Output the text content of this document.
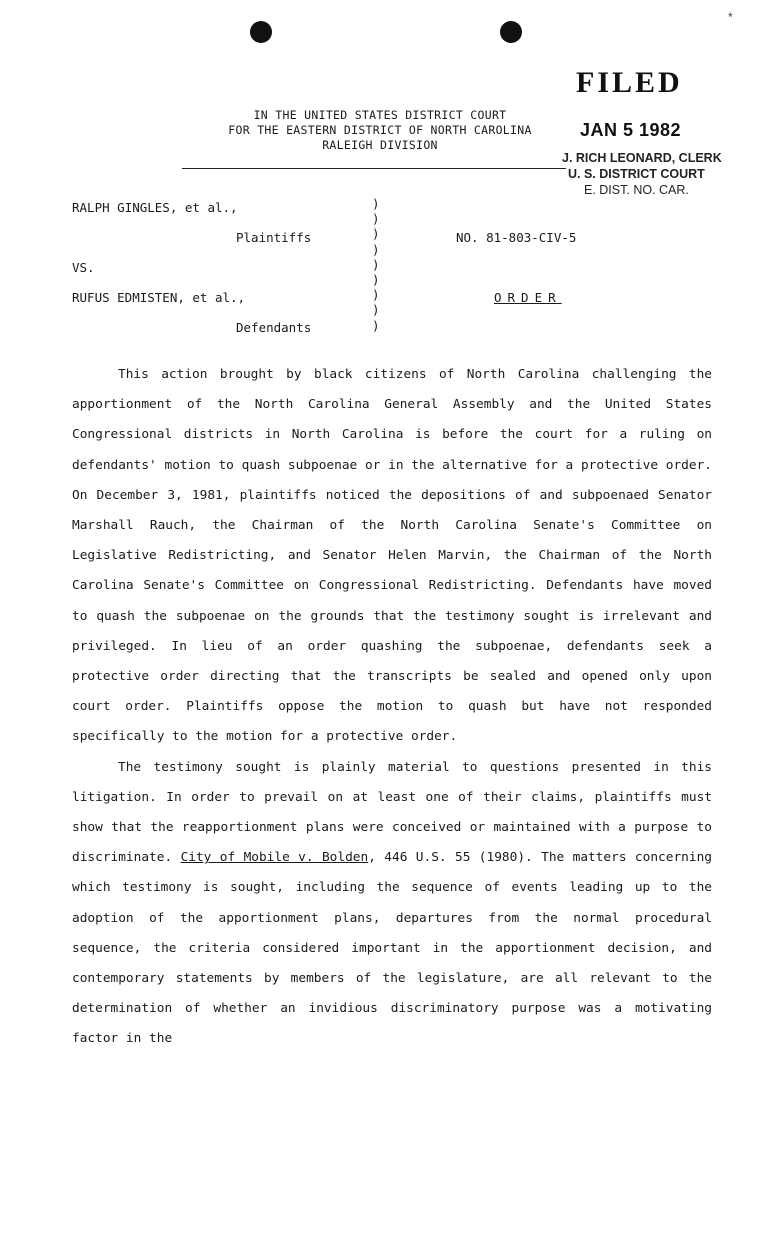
*
FILED
JAN 5 1982
J. RICH LEONARD, CLERK
U. S. DISTRICT COURT
E. DIST. NO. CAR.
IN THE UNITED STATES DISTRICT COURT
FOR THE EASTERN DISTRICT OF NORTH CAROLINA
RALEIGH DIVISION
RALPH GINGLES, et al.,
Plaintiffs
VS.
RUFUS EDMISTEN, et al.,
Defendants
)
)
)
)
)
)
)
)
)
NO. 81-803-CIV-5
ORDER

This action brought by black citizens of North Carolina challenging the apportionment of the North Carolina General Assembly and the United States Congressional districts in North Carolina is before the court for a ruling on defendants' motion to quash subpoenae or in the alternative for a protective order. On December 3, 1981, plaintiffs noticed the depositions of and subpoenaed Senator Marshall Rauch, the Chairman of the North Carolina Senate's Committee on Legislative Redistricting, and Senator Helen Marvin, the Chairman of the North Carolina Senate's Committee on Congressional Redistricting. Defendants have moved to quash the subpoenae on the grounds that the testimony sought is irrelevant and privileged. In lieu of an order quashing the subpoenae, defendants seek a protective order directing that the transcripts be sealed and opened only upon court order. Plaintiffs oppose the motion to quash but have not responded specifically to the motion for a protective order.

The testimony sought is plainly material to questions presented in this litigation. In order to prevail on at least one of their claims, plaintiffs must show that the reapportionment plans were conceived or maintained with a purpose to discriminate. City of Mobile v. Bolden, 446 U.S. 55 (1980). The matters concerning which testimony is sought, including the sequence of events leading up to the adoption of the apportionment plans, departures from the normal procedural sequence, the criteria considered important in the apportionment decision, and contemporary statements by members of the legislature, are all relevant to the determination of whether an invidious discriminatory purpose was a motivating factor in the
